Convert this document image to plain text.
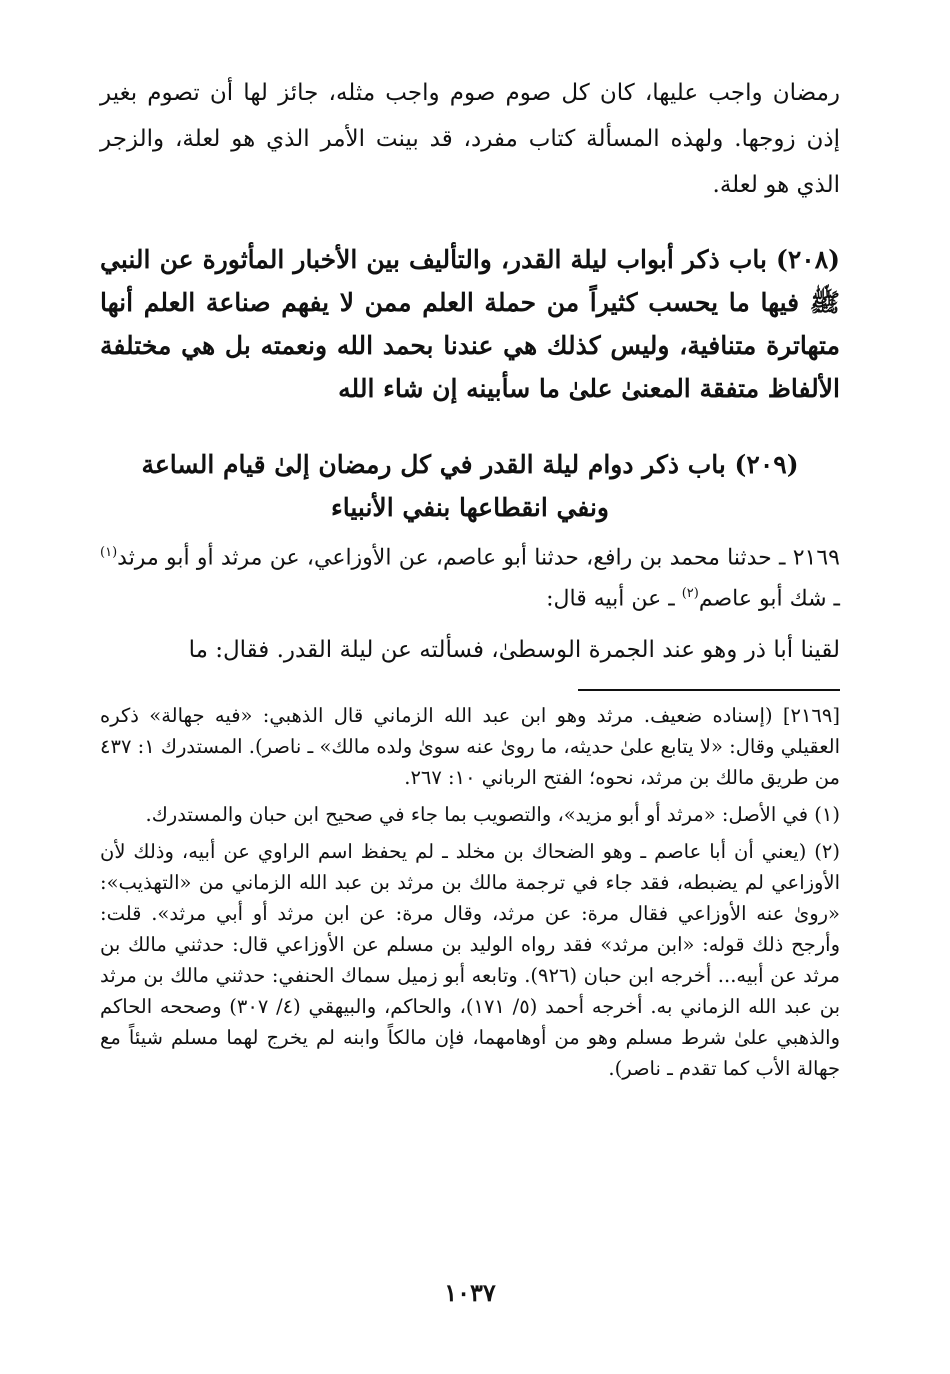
رمضان واجب عليها، كان كل صوم صوم واجب مثله، جائز لها أن تصوم بغير إذن زوجها. ولهذه المسألة كتاب مفرد، قد بينت الأمر الذي هو لعلة، والزجر الذي هو لعلة.

(٢٠٨) باب ذكر أبواب ليلة القدر، والتأليف بين الأخبار المأثورة عن النبي ﷺ فيها ما يحسب كثيراً من حملة العلم ممن لا يفهم صناعة العلم أنها متهاترة متنافية، وليس كذلك هي عندنا بحمد الله ونعمته بل هي مختلفة الألفاظ متفقة المعنىٰ علىٰ ما سأبينه إن شاء الله

(٢٠٩) باب ذكر دوام ليلة القدر في كل رمضان إلىٰ قيام الساعة

ونفي انقطاعها بنفي الأنبياء

٢١٦٩ ـ حدثنا محمد بن رافع، حدثنا أبو عاصم، عن الأوزاعي، عن مرثد أو أبو مرثد$^{(١)}$ ـ شك أبو عاصم$^{(٢)}$ ـ عن أبيه قال:

لقينا أبا ذر وهو عند الجمرة الوسطىٰ، فسألته عن ليلة القدر. فقال: ما

[٢١٦٩] (إسناده ضعيف. مرثد وهو ابن عبد الله الزماني قال الذهبي: «فيه جهالة» ذكره العقيلي وقال: «لا يتابع علىٰ حديثه، ما رویٰ عنه سوىٰ ولده مالك» ـ ناصر). المستدرك ١: ٤٣٧ من طريق مالك بن مرثد، نحوه؛ الفتح الرباني ١٠: ٢٦٧.

(١) في الأصل: «مرثد أو أبو مزيد»، والتصويب بما جاء في صحيح ابن حبان والمستدرك.

(٢) (يعني أن أبا عاصم ـ وهو الضحاك بن مخلد ـ لم يحفظ اسم الراوي عن أبيه، وذلك لأن الأوزاعي لم يضبطه، فقد جاء في ترجمة مالك بن مرثد بن عبد الله الزماني من «التهذيب»: «رویٰ عنه الأوزاعي فقال مرة: عن مرثد، وقال مرة: عن ابن مرثد أو أبي مرثد». قلت: وأرجح ذلك قوله: «ابن مرثد» فقد رواه الوليد بن مسلم عن الأوزاعي قال: حدثني مالك بن مرثد عن أبيه... أخرجه ابن حبان (٩٢٦). وتابعه أبو زميل سماك الحنفي: حدثني مالك بن مرثد بن عبد الله الزماني به. أخرجه أحمد (٥/ ١٧١)، والحاكم، والبيهقي (٤/ ٣٠٧) وصححه الحاكم والذهبي علىٰ شرط مسلم وهو من أوهامهما، فإن مالكاً وابنه لم يخرج لهما مسلم شيئاً مع جهالة الأب كما تقدم ـ ناصر).

١٠٣٧
